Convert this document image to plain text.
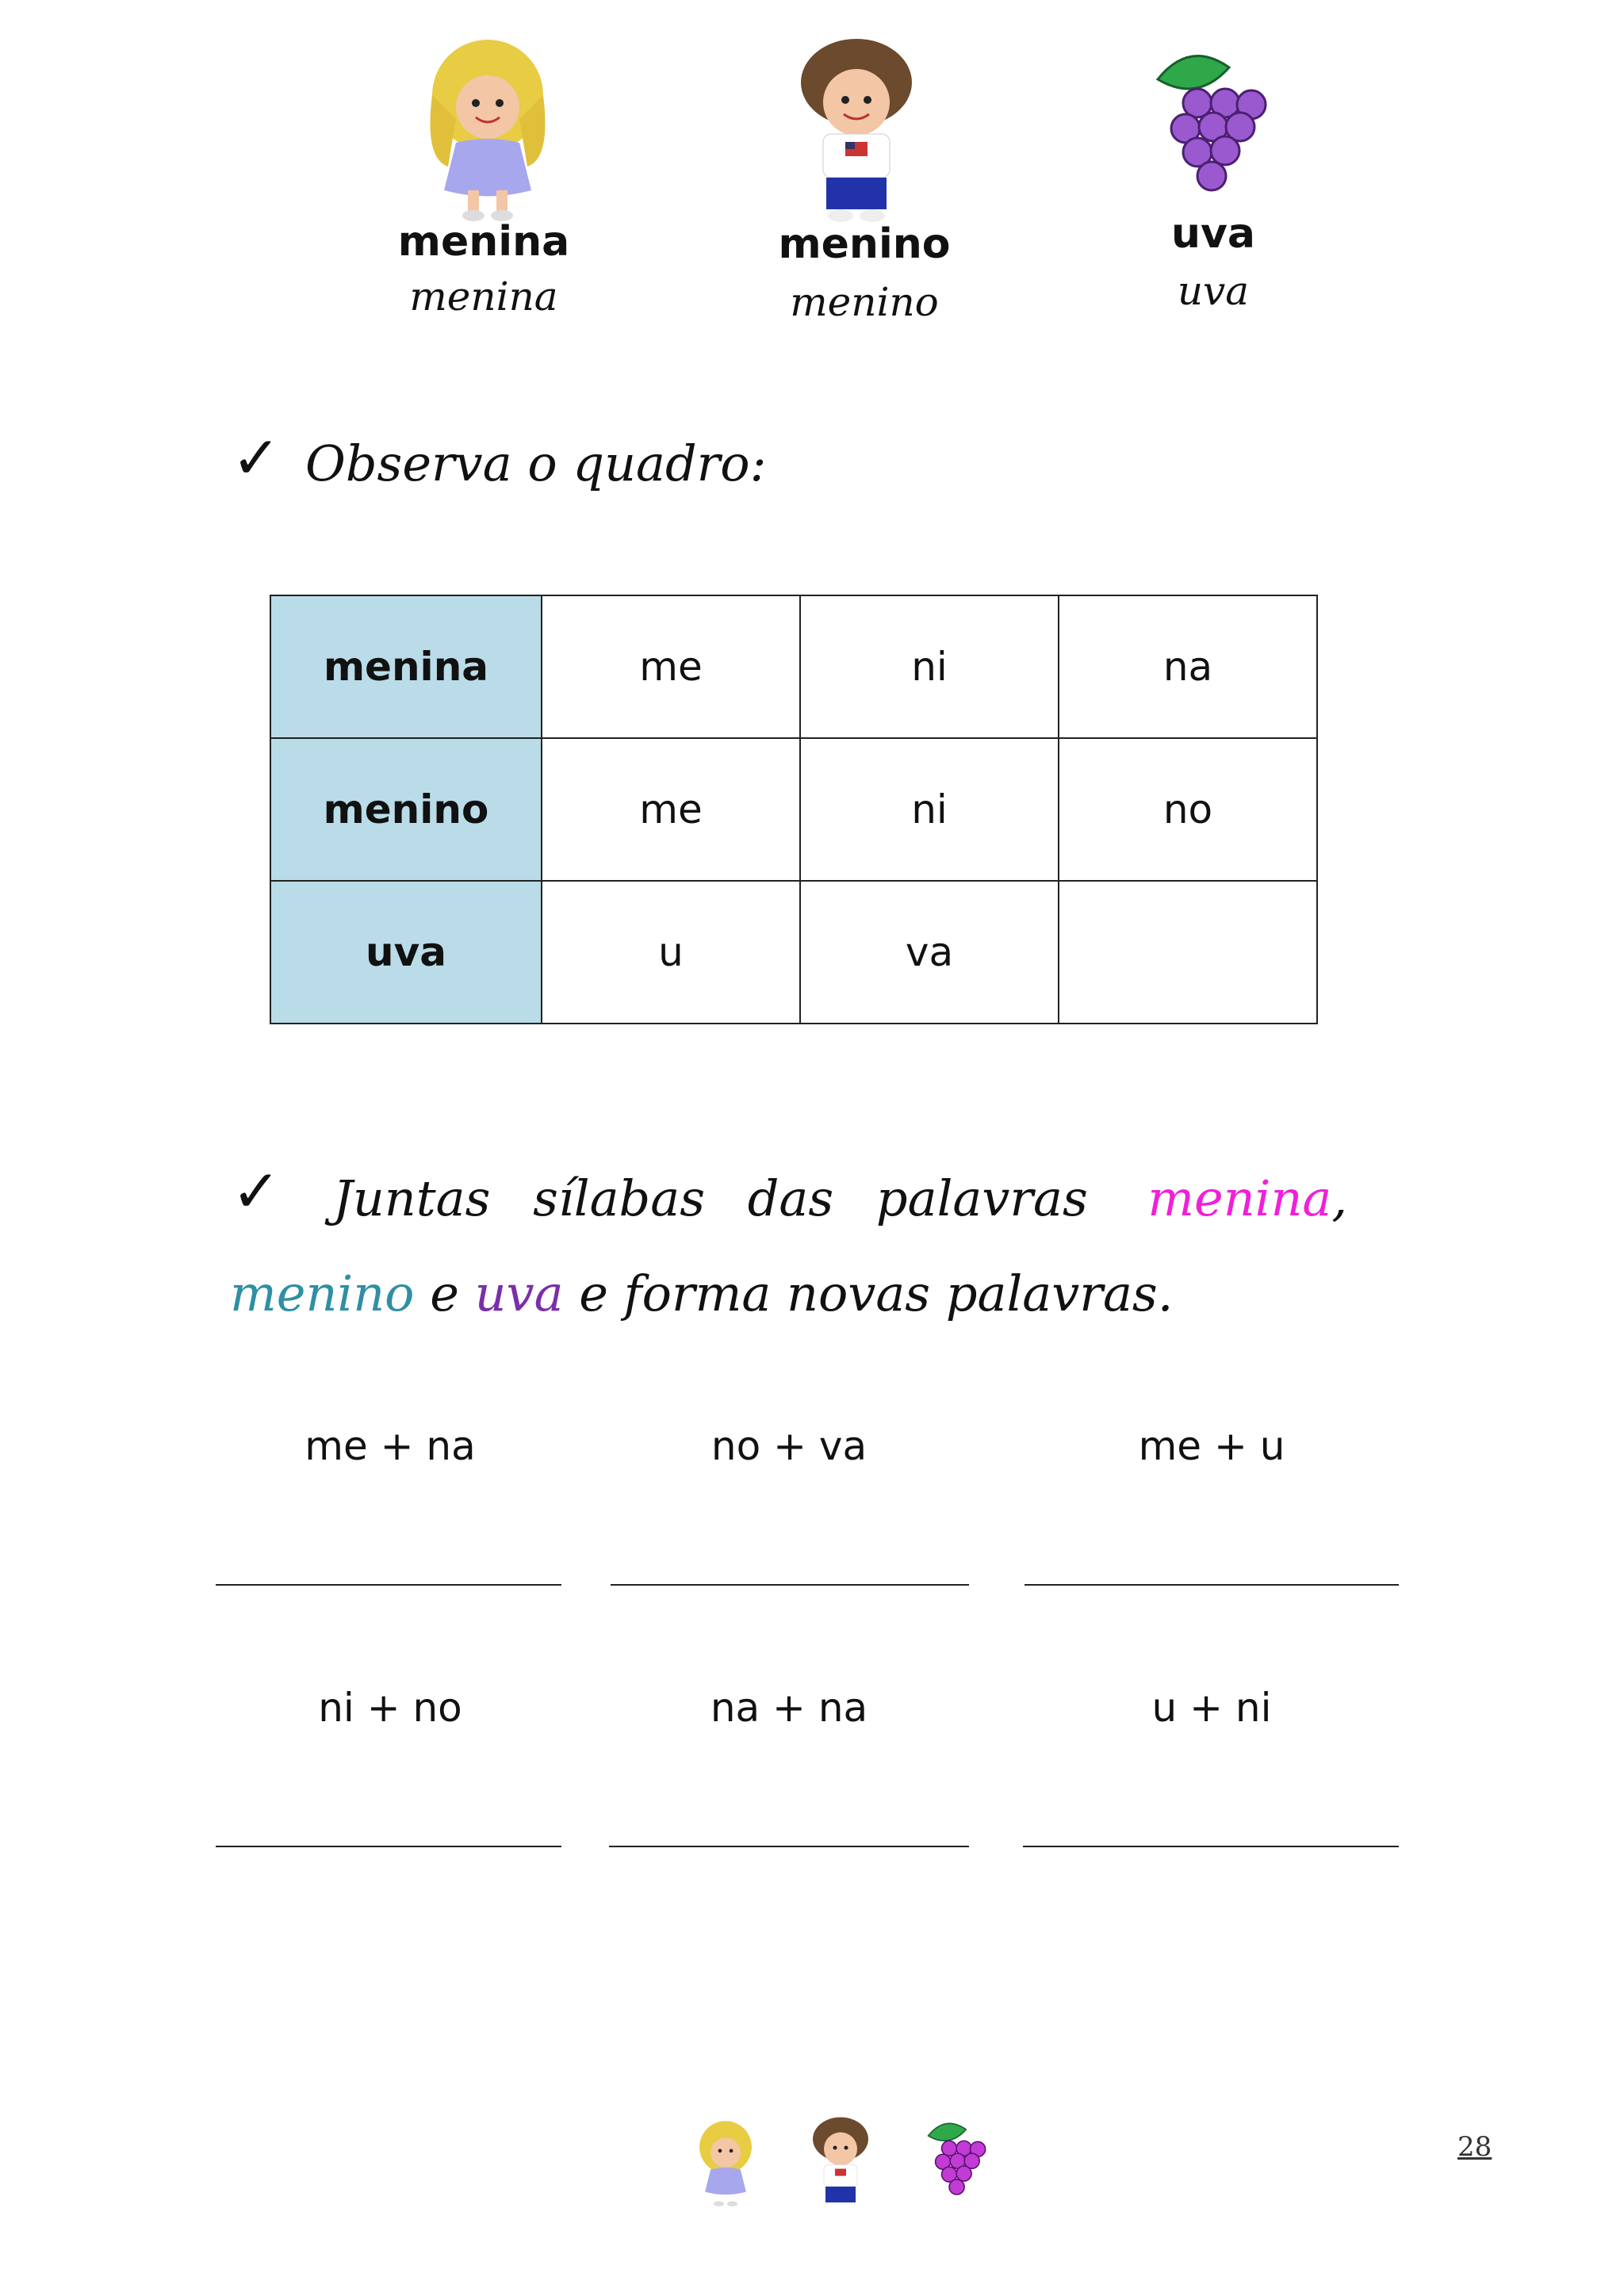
menina	menino	uva
menina	menino	uva
✓ Observa o quadro:
menina	me	ni	na
menino	me	ni	no
uva	u	va	
✓ Juntas sílabas das palavras menina,
menino e uva e forma novas palavras.
me + na	no + va	me + u
ni + no	na + na	u + ni
28
